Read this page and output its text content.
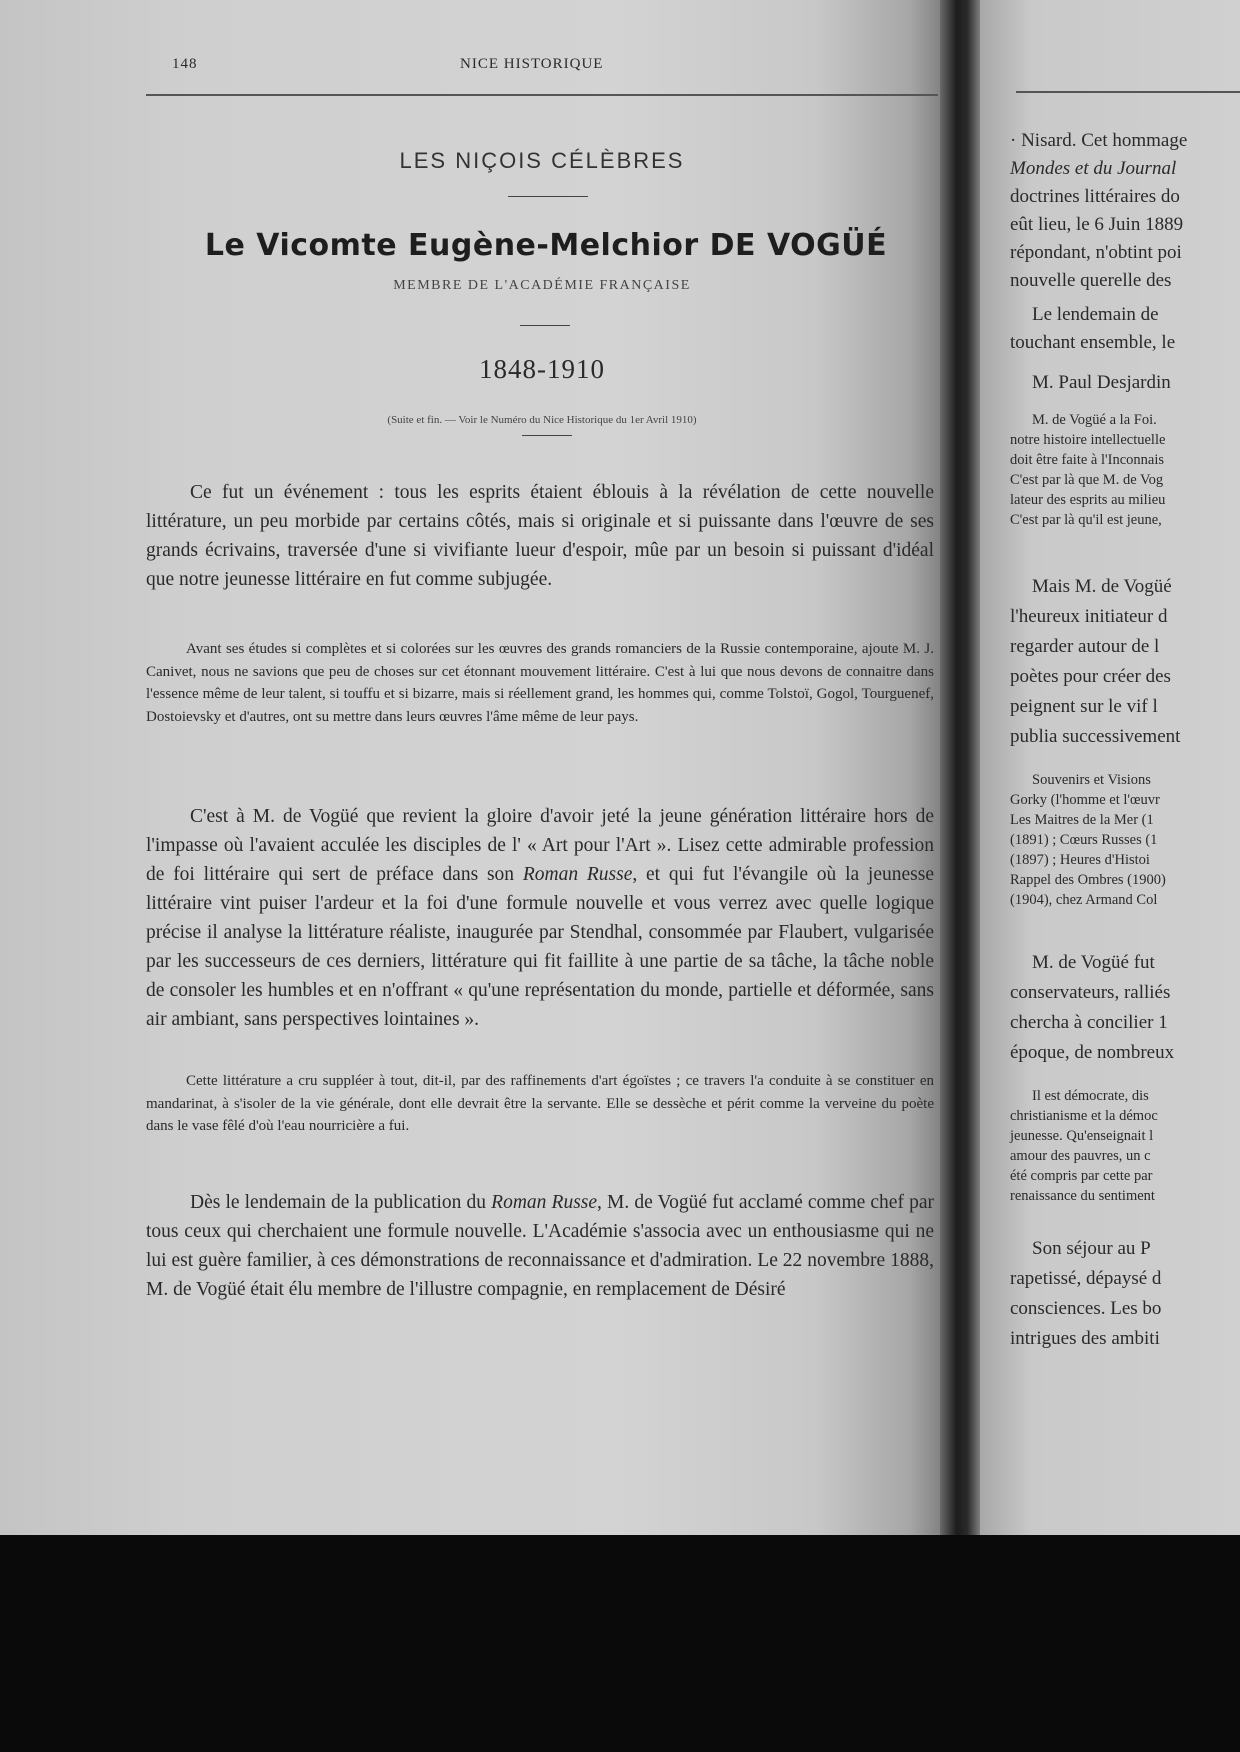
148	NICE HISTORIQUE
LES NIÇOIS CÉLÈBRES
Le Vicomte Eugène-Melchior DE VOGÜÉ
MEMBRE DE L'ACADÉMIE FRANÇAISE
1848-1910
(Suite et fin. — Voir le Numéro du Nice Historique du 1er Avril 1910)

Ce fut un événement : tous les esprits étaient éblouis à la révélation de cette nouvelle littérature, un peu morbide par certains côtés, mais si originale et si puissante dans l'œuvre de ses grands écrivains, traversée d'une si vivifiante lueur d'espoir, mûe par un besoin si puissant d'idéal que notre jeunesse littéraire en fut comme subjugée.

Avant ses études si complètes et si colorées sur les œuvres des grands romanciers de la Russie contemporaine, ajoute M. J. Canivet, nous ne savions que peu de choses sur cet étonnant mouvement littéraire. C'est à lui que nous devons de connaitre dans l'essence même de leur talent, si touffu et si bizarre, mais si réellement grand, les hommes qui, comme Tolstoï, Gogol, Tourguenef, Dostoievsky et d'autres, ont su mettre dans leurs œuvres l'âme même de leur pays.

C'est à M. de Vogüé que revient la gloire d'avoir jeté la jeune génération littéraire hors de l'impasse où l'avaient acculée les disciples de l' « Art pour l'Art ». Lisez cette admirable profession de foi littéraire qui sert de préface dans son Roman Russe, et qui fut l'évangile où la jeunesse littéraire vint puiser l'ardeur et la foi d'une formule nouvelle et vous verrez avec quelle logique précise il analyse la littérature réaliste, inaugurée par Stendhal, consommée par Flaubert, vulgarisée par les successeurs de ces derniers, littérature qui fit faillite à une partie de sa tâche, la tâche noble de consoler les humbles et en n'offrant « qu'une représentation du monde, partielle et déformée, sans air ambiant, sans perspectives lointaines ».

Cette littérature a cru suppléer à tout, dit-il, par des raffinements d'art égoïstes ; ce travers l'a conduite à se constituer en mandarinat, à s'isoler de la vie générale, dont elle devrait être la servante. Elle se dessèche et périt comme la verveine du poète dans le vase fêlé d'où l'eau nourricière a fui.

Dès le lendemain de la publication du Roman Russe, M. de Vogüé fut acclamé comme chef par tous ceux qui cherchaient une formule nouvelle. L'Académie s'associa avec un enthousiasme qui ne lui est guère familier, à ces démonstrations de reconnaissance et d'admiration. Le 22 novembre 1888, M. de Vogüé était élu membre de l'illustre compagnie, en remplacement de Désiré

· Nisard. Cet hommage
Mondes et du Journal
doctrines littéraires do
eût lieu, le 6 Juin 1889
répondant, n'obtint poi
nouvelle querelle des
Le lendemain de
touchant ensemble, le
M. Paul Desjardin
M. de Vogüé a la Foi.
notre histoire intellectuelle
doit être faite à l'Inconnais
C'est par là que M. de Vog
lateur des esprits au milieu
C'est par là qu'il est jeune,
Mais M. de Vogüé
l'heureux initiateur d
regarder autour de l
poètes pour créer des
peignent sur le vif l
publia successivement
Souvenirs et Visions
Gorky (l'homme et l'œuvr
Les Maitres de la Mer (1
(1891) ; Cœurs Russes (1
(1897) ; Heures d'Histoi
Rappel des Ombres (1900)
(1904), chez Armand Col
M. de Vogüé fut
conservateurs, ralliés
chercha à concilier 1
époque, de nombreux
Il est démocrate, dis
christianisme et la démoc
jeunesse. Qu'enseignait l
amour des pauvres, un c
été compris par cette par
renaissance du sentiment
Son séjour au P
rapetissé, dépaysé d
consciences. Les bo
intrigues des ambiti
